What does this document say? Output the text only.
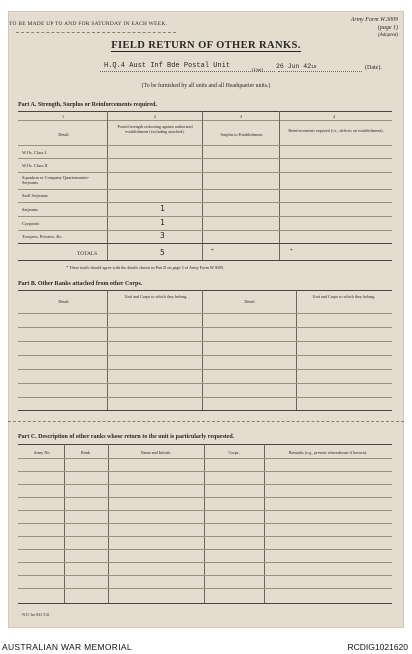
TO BE MADE UP TO AND FOR SATURDAY IN EACH WEEK.
Army Form W.3009
(page 1)
(Adopted)
FIELD RETURN OF OTHER RANKS.
H.Q.4 Aust Inf Bde Postal Unit	(Unit) 26 Jun 4219	(Date).
(To be furnished by all units and all Headquarter units.)
Part A. Strength, Surplus or Reinforcements required.
1	2	3	4
Detail.
Posted strength reckoning against authorized establishment (excluding attached).
Surplus to Establishment.
Reinforcements required (i.e., deficits on establishment).
W.Os. Class I.
W.Os. Class II.
Squadron or Company Quartermaster-Serjeants
Staff Serjeants
Serjeants	1
Corporals	1
Troopers, Privates, &c.	3
TOTALS	5	*	*
* These totals should agree with the details shown in Part D on page 3 of Army Form W.3009.
Part B. Other Ranks attached from other Corps.
Detail.
Unit and Corps to which they belong.
Detail.
Unit and Corps to which they belong.
Part C. Description of other ranks whose return to the unit is particularly requested.
Army No.	Rank.	Name and Initials.	Corps.	Remarks (e.g., present whereabouts if known).
W.O. 3m 9/41 5/41
AUSTRALIAN WAR MEMORIAL	RCDIG1021620
